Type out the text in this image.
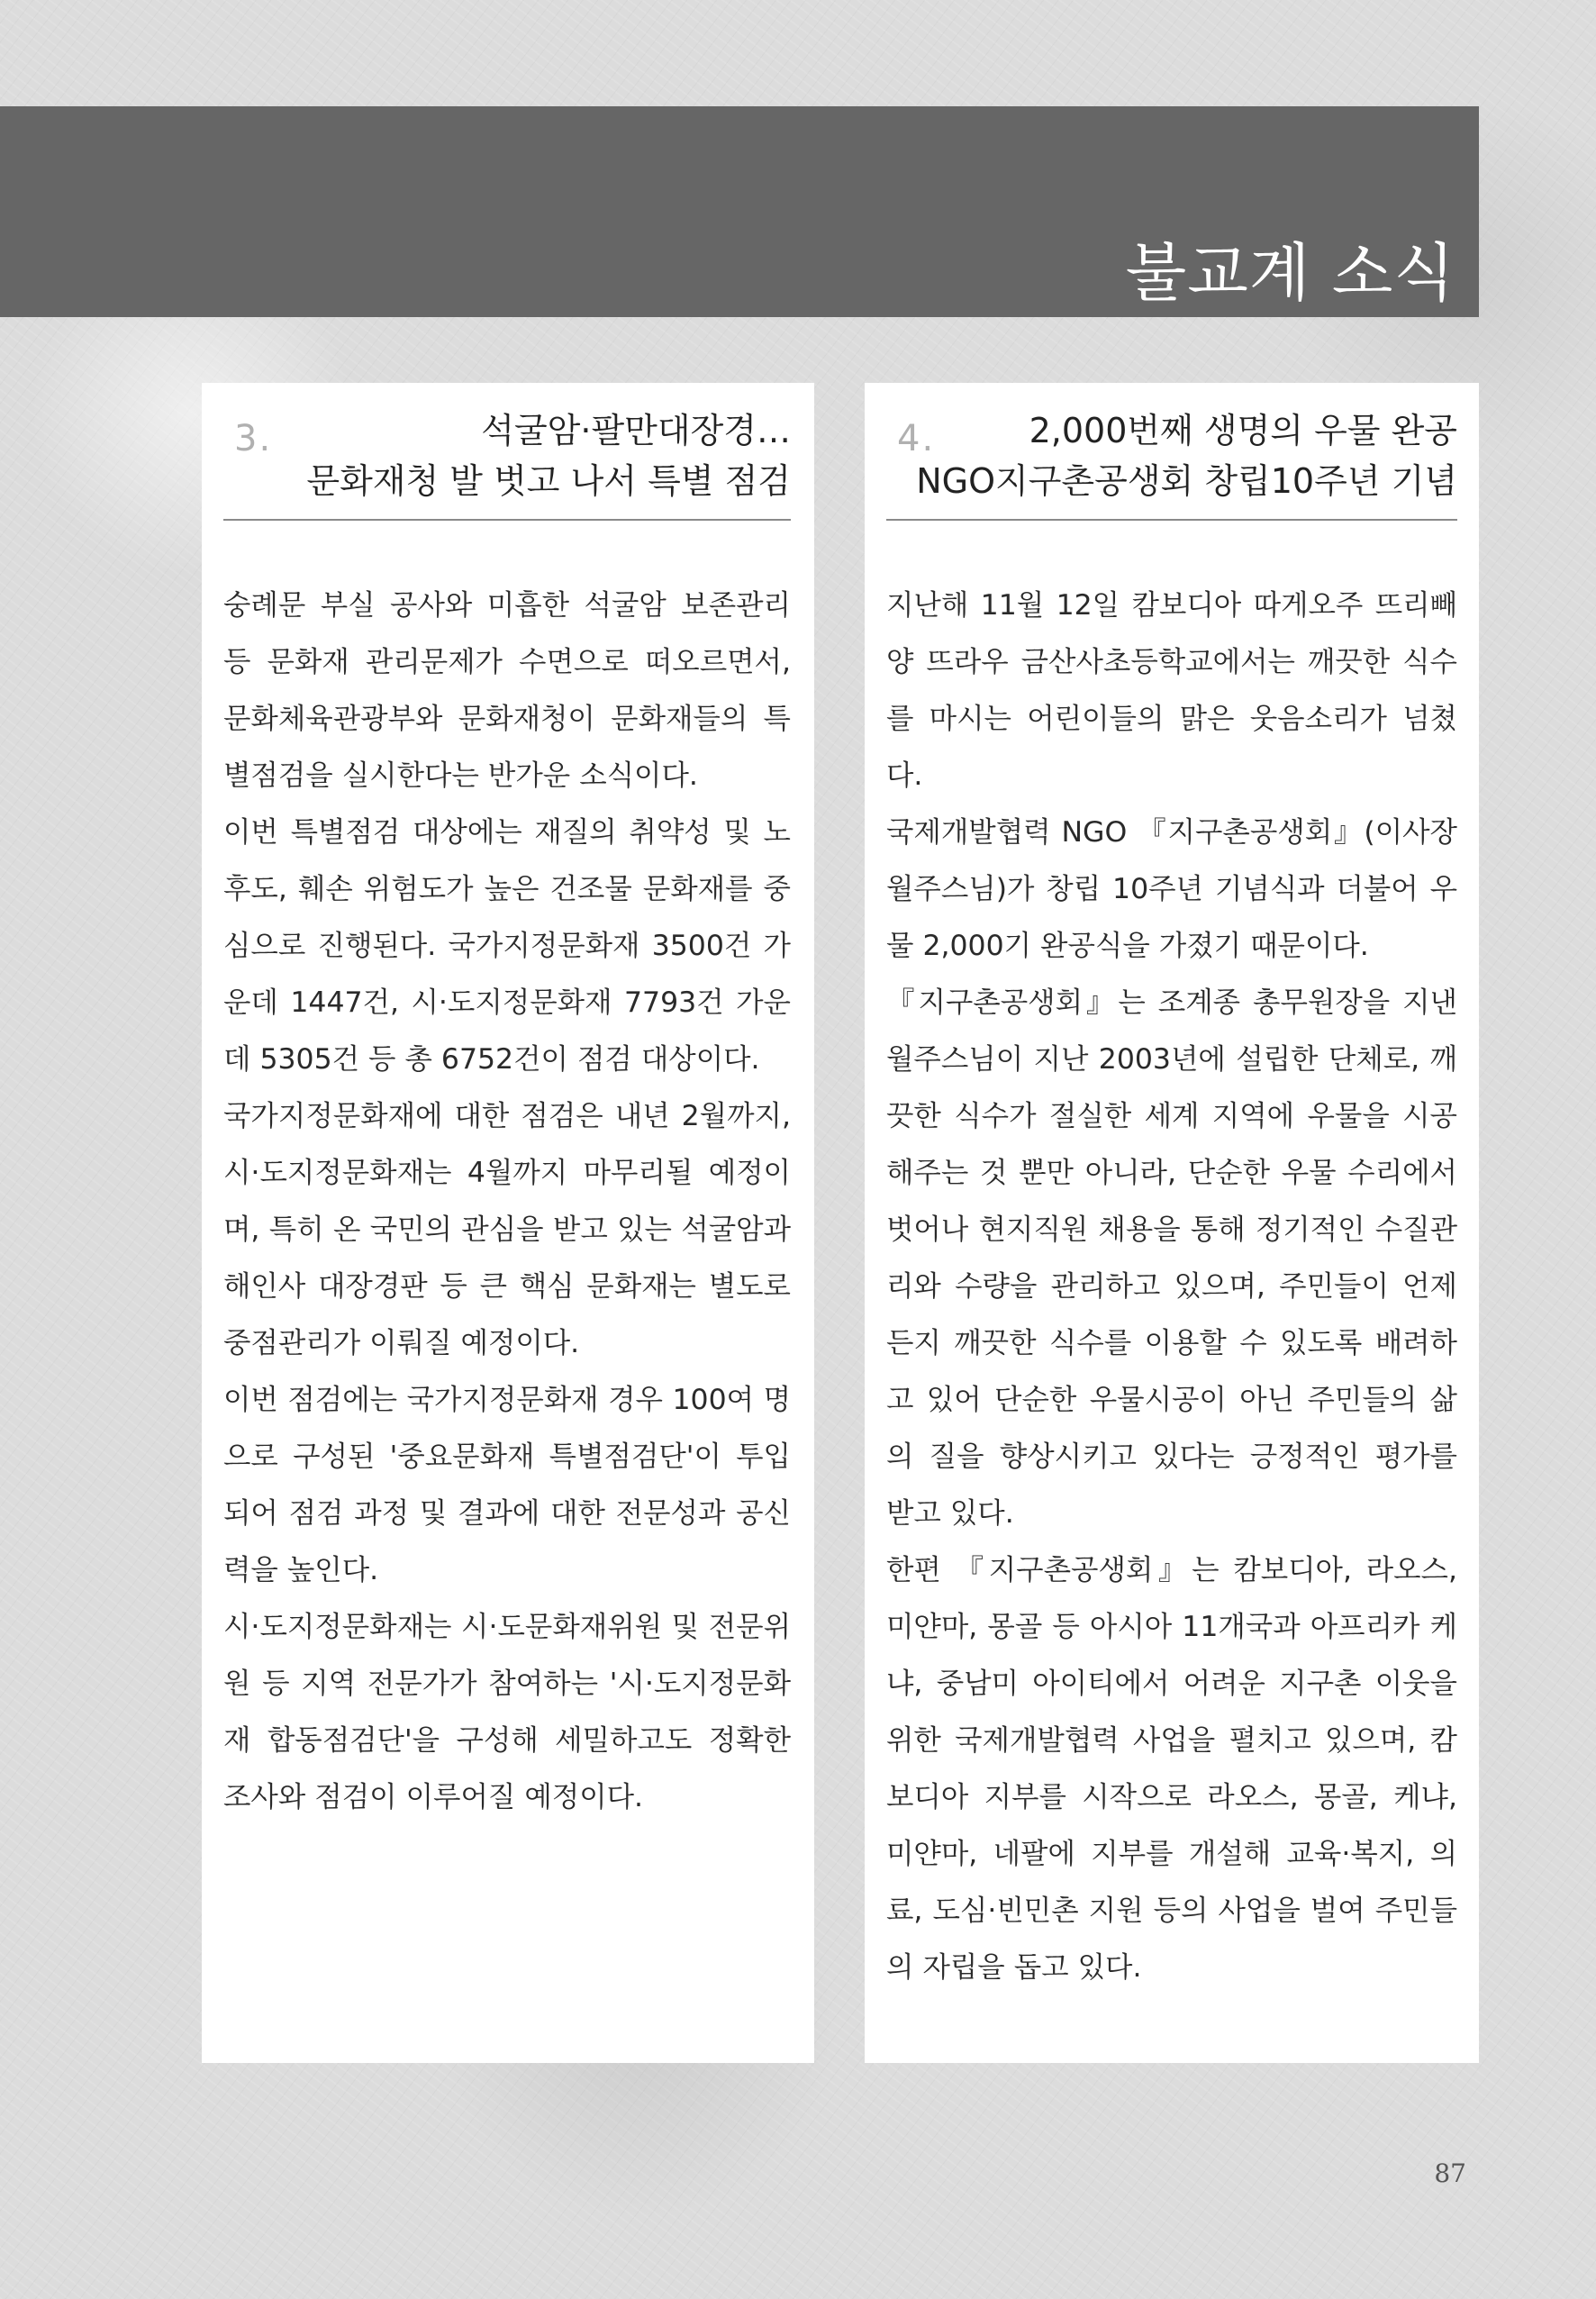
불교계 소식
3.	석굴암·팔만대장경…
문화재청 발 벗고 나서 특별 점검

숭례문 부실 공사와 미흡한 석굴암 보존관리 등 문화재 관리문제가 수면으로 떠오르면서, 문화체육관광부와 문화재청이 문화재들의 특별점검을 실시한다는 반가운 소식이다.

이번 특별점검 대상에는 재질의 취약성 및 노후도, 훼손 위험도가 높은 건조물 문화재를 중심으로 진행된다. 국가지정문화재 3500건 가운데 1447건, 시·도지정문화재 7793건 가운데 5305건 등 총 6752건이 점검 대상이다.

국가지정문화재에 대한 점검은 내년 2월까지, 시·도지정문화재는 4월까지 마무리될 예정이며, 특히 온 국민의 관심을 받고 있는 석굴암과 해인사 대장경판 등 큰 핵심 문화재는 별도로 중점관리가 이뤄질 예정이다.

이번 점검에는 국가지정문화재 경우 100여 명으로 구성된 '중요문화재 특별점검단'이 투입되어 점검 과정 및 결과에 대한 전문성과 공신력을 높인다.

시·도지정문화재는 시·도문화재위원 및 전문위원 등 지역 전문가가 참여하는 '시·도지정문화재 합동점검단'을 구성해 세밀하고도 정확한 조사와 점검이 이루어질 예정이다.

4.	2,000번째 생명의 우물 완공
NGO지구촌공생회 창립10주년 기념

지난해 11월 12일 캄보디아 따게오주 뜨리빼양 뜨라우 금산사초등학교에서는 깨끗한 식수를 마시는 어린이들의 맑은 웃음소리가 넘쳤다.

국제개발협력 NGO 『지구촌공생회』(이사장 월주스님)가 창립 10주년 기념식과 더불어 우물 2,000기 완공식을 가졌기 때문이다.

『지구촌공생회』는 조계종 총무원장을 지낸 월주스님이 지난 2003년에 설립한 단체로, 깨끗한 식수가 절실한 세계 지역에 우물을 시공해주는 것 뿐만 아니라, 단순한 우물 수리에서 벗어나 현지직원 채용을 통해 정기적인 수질관리와 수량을 관리하고 있으며, 주민들이 언제든지 깨끗한 식수를 이용할 수 있도록 배려하고 있어 단순한 우물시공이 아닌 주민들의 삶의 질을 향상시키고 있다는 긍정적인 평가를 받고 있다.

한편 『지구촌공생회』는 캄보디아, 라오스, 미얀마, 몽골 등 아시아 11개국과 아프리카 케냐, 중남미 아이티에서 어려운 지구촌 이웃을 위한 국제개발협력 사업을 펼치고 있으며, 캄보디아 지부를 시작으로 라오스, 몽골, 케냐, 미얀마, 네팔에 지부를 개설해 교육·복지, 의료, 도심·빈민촌 지원 등의 사업을 벌여 주민들의 자립을 돕고 있다.

87
